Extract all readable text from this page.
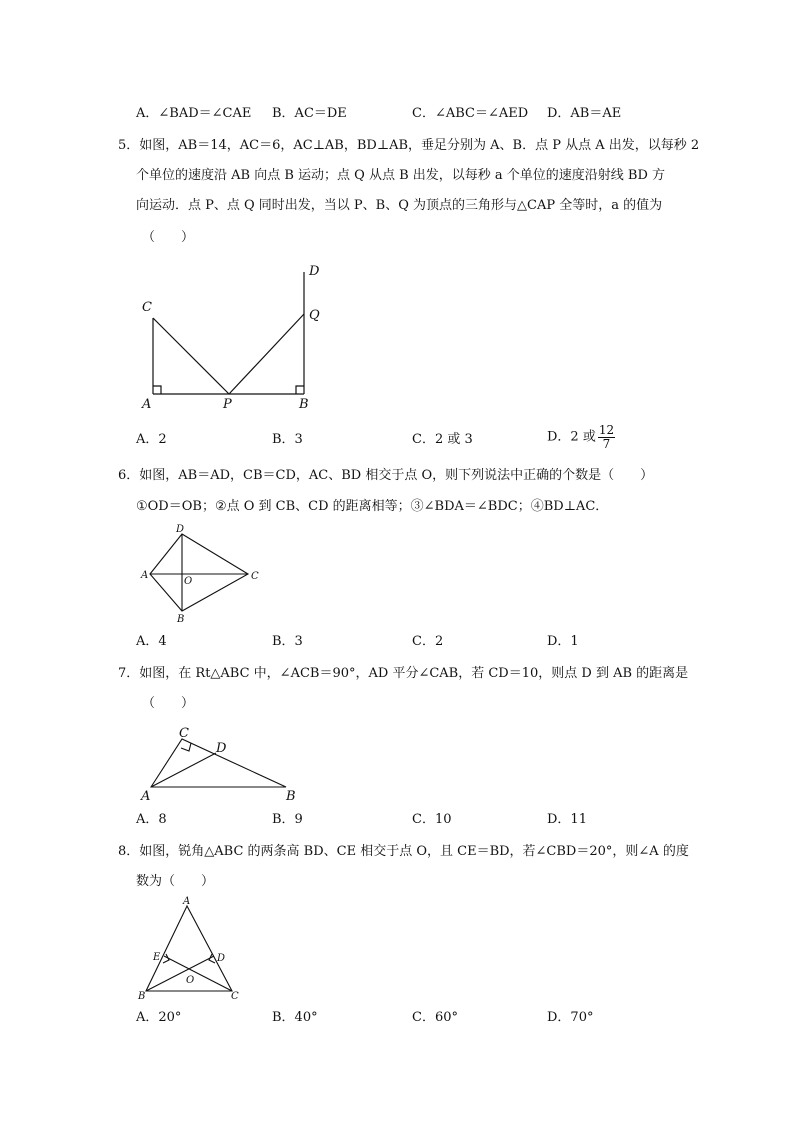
A．∠BAD＝∠CAE B．AC＝DE	C．∠ABC＝∠AED D．AB＝AE
5．如图，AB＝14，AC＝6，AC⊥AB，BD⊥AB，垂足分别为 A、B．点 P 从点 A 出发，以每秒 2
个单位的速度沿 AB 向点 B 运动；点 Q 从点 B 出发，以每秒 a 个单位的速度沿射线 BD 方
向运动．点 P、点 Q 同时出发，当以 P、B、Q 为顶点的三角形与△CAP 全等时，a 的值为
（　　）
C
A	P	B
D
Q
A．2	B．3	C．2 或 3	D．2 或 $\frac{12}{7}$
6．如图，AB＝AD，CB＝CD，AC、BD 相交于点 O，则下列说法中正确的个数是（　　）
①OD＝OB；②点 O 到 CB、CD 的距离相等；③∠BDA＝∠BDC；④BD⊥AC．
D
A	C
O
B
A．4	B．3	C．2	D．1
7．如图，在 Rt△ABC 中，∠ACB＝90°，AD 平分∠CAB，若 CD＝10，则点 D 到 AB 的距离是
（　　）
C
D
A	B
A．8	B．9	C．10	D．11
8．如图，锐角△ABC 的两条高 BD、CE 相交于点 O，且 CE＝BD，若∠CBD＝20°，则∠A 的度
数为（　　）
A
E	D
O
B	C
A．20°	B．40°	C．60°	D．70°
